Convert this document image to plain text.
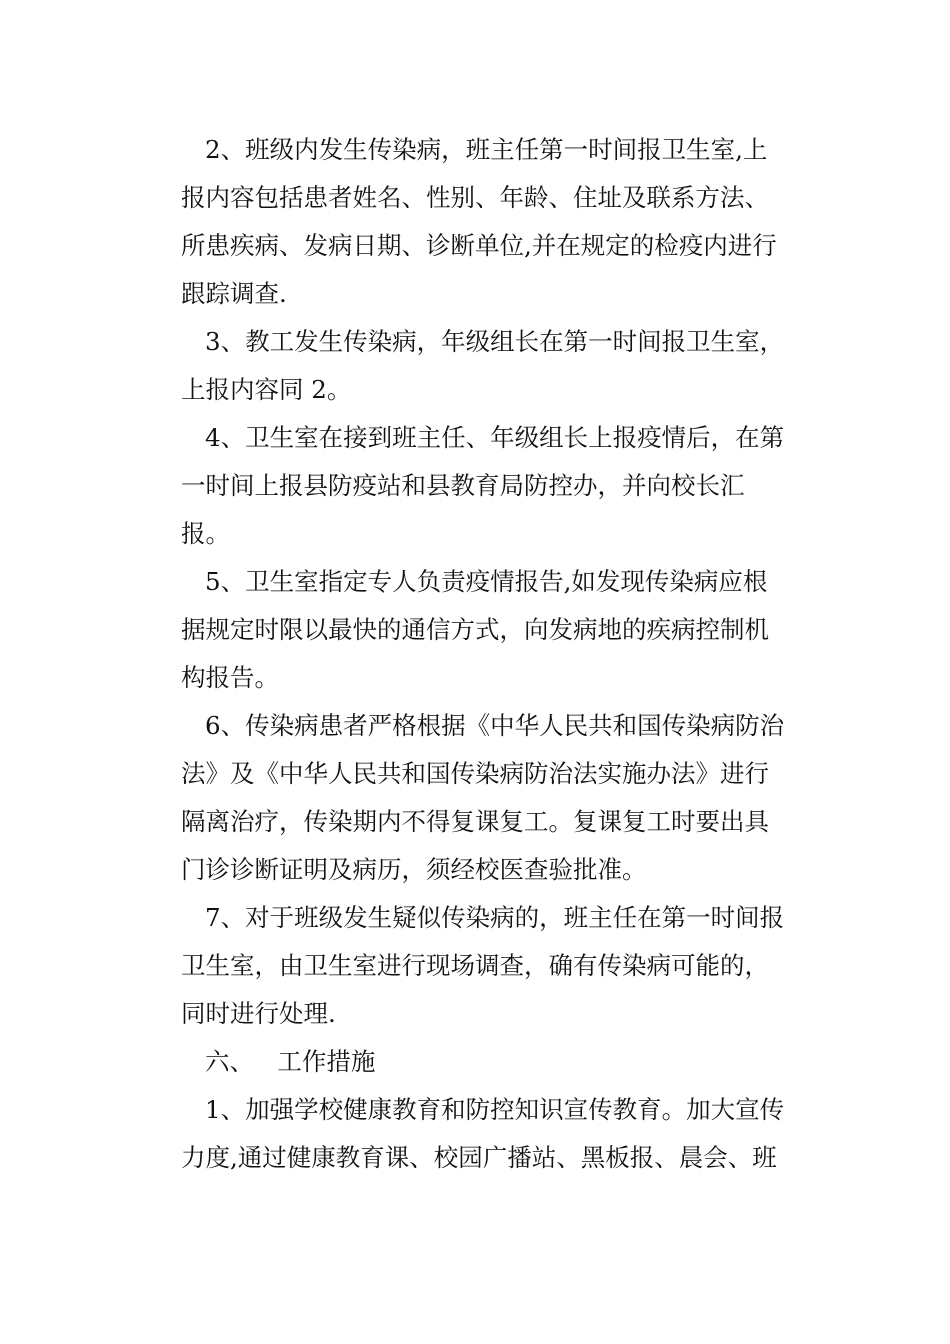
2、班级内发生传染病，班主任第一时间报卫生室,上
报内容包括患者姓名、性别、年龄、住址及联系方法、
所患疾病、发病日期、诊断单位,并在规定的检疫内进行
跟踪调查.
3、教工发生传染病，年级组长在第一时间报卫生室，
上报内容同 2。
4、卫生室在接到班主任、年级组长上报疫情后，在第
一时间上报县防疫站和县教育局防控办，并向校长汇
报。
5、卫生室指定专人负责疫情报告,如发现传染病应根
据规定时限以最快的通信方式，向发病地的疾病控制机
构报告。
6、传染病患者严格根据《中华人民共和国传染病防治
法》及《中华人民共和国传染病防治法实施办法》进行
隔离治疗，传染期内不得复课复工。复课复工时要出具
门诊诊断证明及病历，须经校医查验批准。
7、对于班级发生疑似传染病的，班主任在第一时间报
卫生室，由卫生室进行现场调查，确有传染病可能的，
同时进行处理.
六、   工作措施
1、加强学校健康教育和防控知识宣传教育。加大宣传
力度,通过健康教育课、校园广播站、黑板报、晨会、班
